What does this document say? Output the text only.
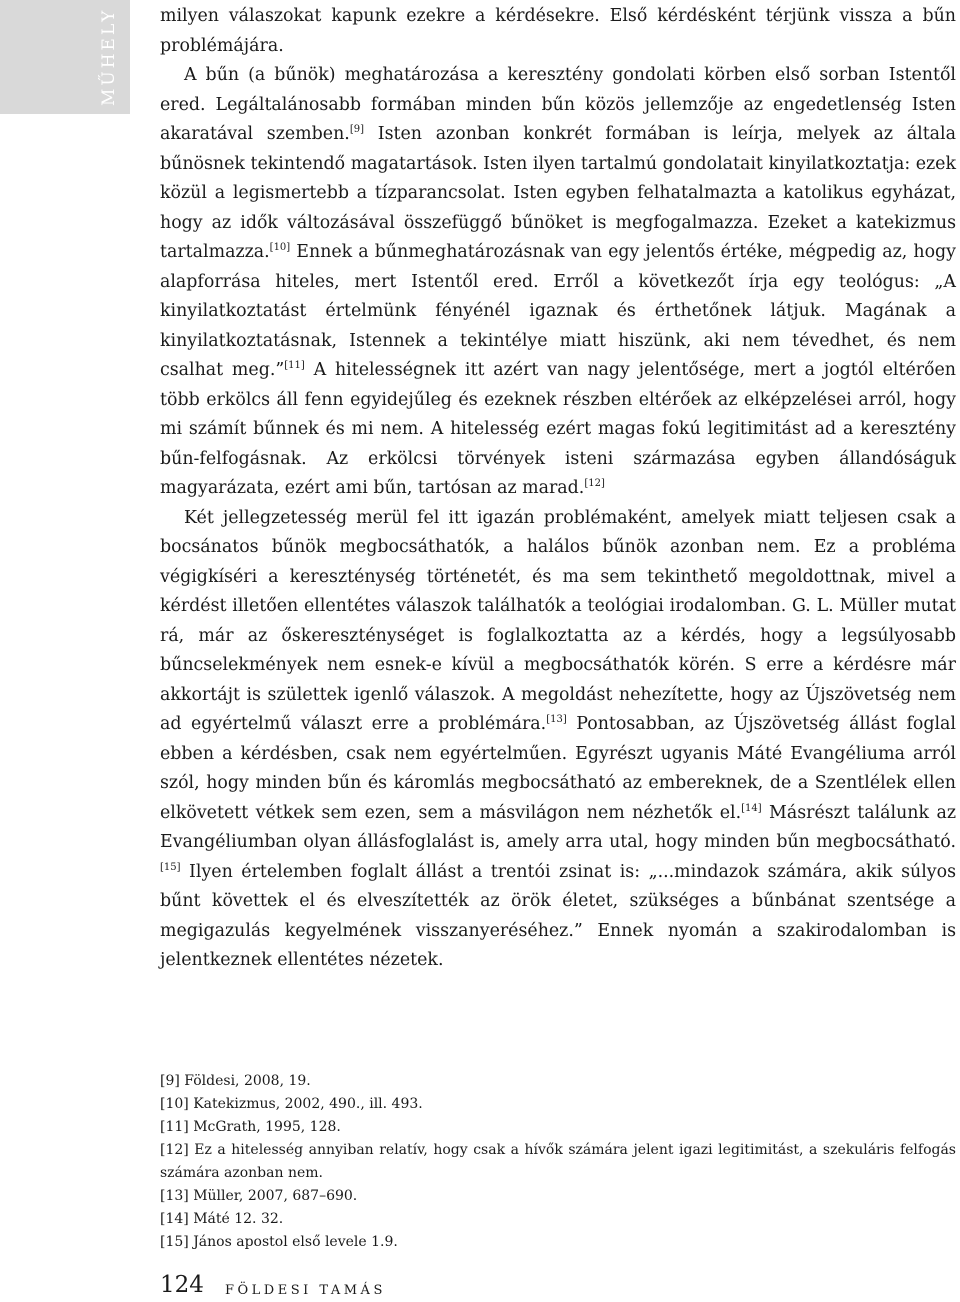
MŰHELY	milyen válaszokat kapunk ezekre a kérdésekre. Első kérdésként térjünk vissza a bűn problémájára.

A bűn (a bűnök) meghatározása a keresztény gondolati körben első sorban Istentől ered. Legáltalánosabb formában minden bűn közös jellemzője az engedetlenség Isten akaratával szemben.[9] Isten azonban konkrét formában is leírja, melyek az általa bűnösnek tekintendő magatartások. Isten ilyen tartalmú gondolatait kinyilatkoztatja: ezek közül a legismertebb a tízparancsolat. Isten egyben felhatalmazta a katolikus egyházat, hogy az idők változásával összefüggő bűnöket is megfogalmazza. Ezeket a katekizmus tartalmazza.[10] Ennek a bűnmeghatározásnak van egy jelentős értéke, mégpedig az, hogy alapforrása hiteles, mert Istentől ered. Erről a következőt írja egy teológus: „A kinyilatkoztatást értelmünk fényénél igaznak és érthetőnek látjuk. Magának a kinyilatkoztatásnak, Istennek a tekintélye miatt hiszünk, aki nem tévedhet, és nem csalhat meg.”[11] A hitelességnek itt azért van nagy jelentősége, mert a jogtól eltérően több erkölcs áll fenn egyidejűleg és ezeknek részben eltérőek az elképzelései arról, hogy mi számít bűnnek és mi nem. A hitelesség ezért magas fokú legitimitást ad a keresztény bűn-felfogásnak. Az erkölcsi törvények isteni származása egyben állandóságuk magyarázata, ezért ami bűn, tartósan az marad.[12]

Két jellegzetesség merül fel itt igazán problémaként, amelyek miatt teljesen csak a bocsánatos bűnök megbocsáthatók, a halálos bűnök azonban nem. Ez a probléma végigkíséri a kereszténység történetét, és ma sem tekinthető megoldottnak, mivel a kérdést illetően ellentétes válaszok találhatók a teológiai irodalomban. G. L. Müller mutat rá, már az őskereszténységet is foglalkoztatta az a kérdés, hogy a legsúlyosabb bűncselekmények nem esnek-e kívül a megbocsáthatók körén. S erre a kérdésre már akkortájt is születtek igenlő válaszok. A megoldást nehezítette, hogy az Újszövetség nem ad egyértelmű választ erre a problémára.[13] Pontosabban, az Újszövetség állást foglal ebben a kérdésben, csak nem egyértelműen. Egyrészt ugyanis Máté Evangéliuma arról szól, hogy minden bűn és káromlás megbocsátható az embereknek, de a Szentlélek ellen elkövetett vétkek sem ezen, sem a másvilágon nem nézhetők el.[14] Másrészt találunk az Evangéliumban olyan állásfoglalást is, amely arra utal, hogy minden bűn megbocsátható.[15] Ilyen értelemben foglalt állást a trentói zsinat is: „...mindazok számára, akik súlyos bűnt követtek el és elveszítették az örök életet, szükséges a bűnbánat szentsége a megigazulás kegyelmének visszanyeréséhez.” Ennek nyomán a szakirodalomban is jelentkeznek ellentétes nézetek.

[9] Földesi, 2008, 19.
[10] Katekizmus, 2002, 490., ill. 493.
[11] McGrath, 1995, 128.
[12] Ez a hitelesség annyiban relatív, hogy csak a hívők számára jelent igazi legitimitást, a szekuláris felfogás számára azonban nem.
[13] Müller, 2007, 687–690.
[14] Máté 12. 32.
[15] János apostol első levele 1.9.
124 FÖLDESI TAMÁS
